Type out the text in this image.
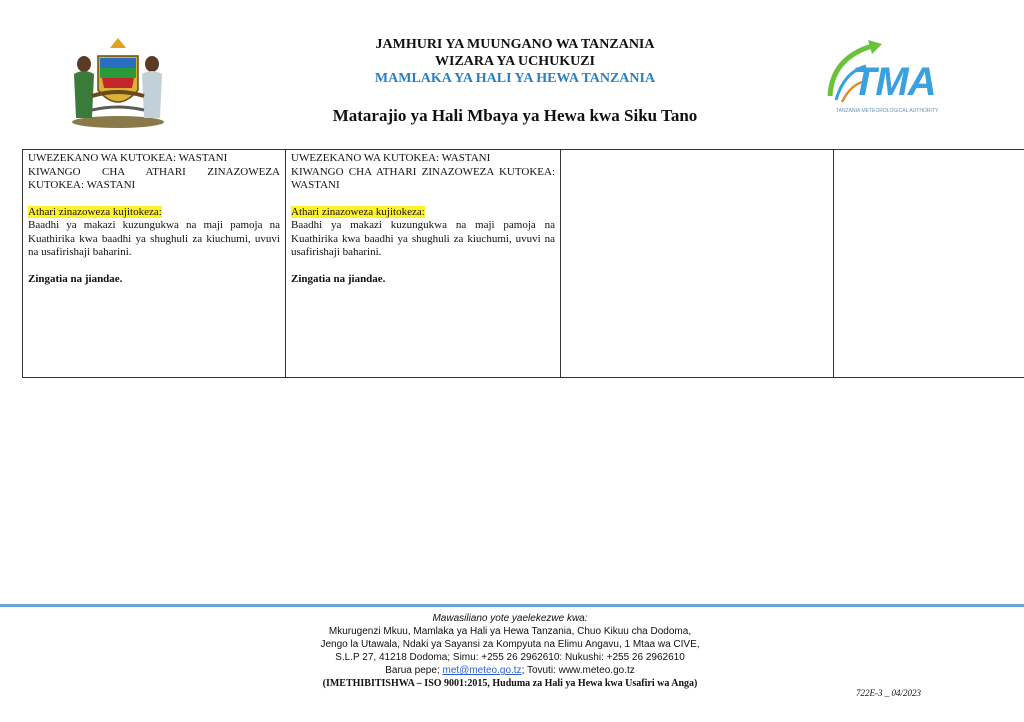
TMA
TANZANIA METEOROLOGICAL AUTHORITY
JAMHURI YA MUUNGANO WA TANZANIA
WIZARA YA UCHUKUZI
MAMLAKA YA HALI YA HEWA TANZANIA
Matarajio ya Hali Mbaya ya Hewa kwa Siku Tano
UWEZEKANO WA KUTOKEA: WASTANI
KIWANGO CHA ATHARI ZINAZOWEZA KUTOKEA: WASTANI
Athari zinazoweza kujitokeza:
Baadhi ya makazi kuzungukwa na maji pamoja na Kuathirika kwa baadhi ya shughuli za kiuchumi, uvuvi na usafirishaji baharini.
Zingatia na jiandae.

UWEZEKANO WA KUTOKEA: WASTANI
KIWANGO CHA ATHARI ZINAZOWEZA KUTOKEA: WASTANI
Athari zinazoweza kujitokeza:
Baadhi ya makazi kuzungukwa na maji pamoja na Kuathirika kwa baadhi ya shughuli za kiuchumi, uvuvi na usafirishaji baharini.
Zingatia na jiandae.

Mawasiliano yote yaelekezwe kwa:
Mkurugenzi Mkuu, Mamlaka ya Hali ya Hewa Tanzania, Chuo Kikuu cha Dodoma,
Jengo la Utawala, Ndaki ya Sayansi za Kompyuta na Elimu Angavu, 1 Mtaa wa CIVE,
S.L.P 27, 41218 Dodoma; Simu: +255 26 2962610: Nukushi: +255 26 2962610
Barua pepe; met@meteo.go.tz; Tovuti: www.meteo.go.tz
(IMETHIBITISHWA – ISO 9001:2015, Huduma za Hali ya Hewa kwa Usafiri wa Anga)
722E-3 _ 04/2023
